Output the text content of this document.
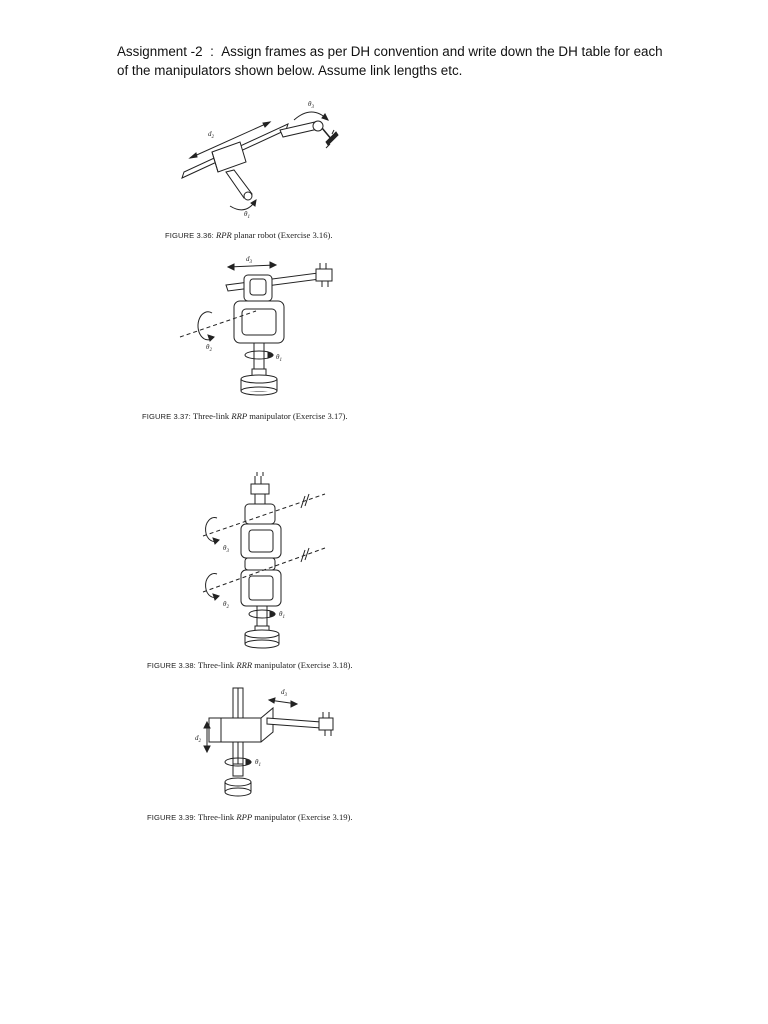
Assignment -2 : Assign frames as per DH convention and write down the DH table for each of the manipulators shown below. Assume link lengths etc.
$d_2$
$\theta_3$
$\theta_1$
FIGURE 3.36: RPR planar robot (Exercise 3.16).
$d_3$
$\theta_2$
$\theta_1$
FIGURE 3.37: Three-link RRP manipulator (Exercise 3.17).
$\theta_3$
$\theta_2$
$\theta_1$
FIGURE 3.38: Three-link RRR manipulator (Exercise 3.18).
$d_3$
$d_2$
$\theta_1$
FIGURE 3.39: Three-link RPP manipulator (Exercise 3.19).
